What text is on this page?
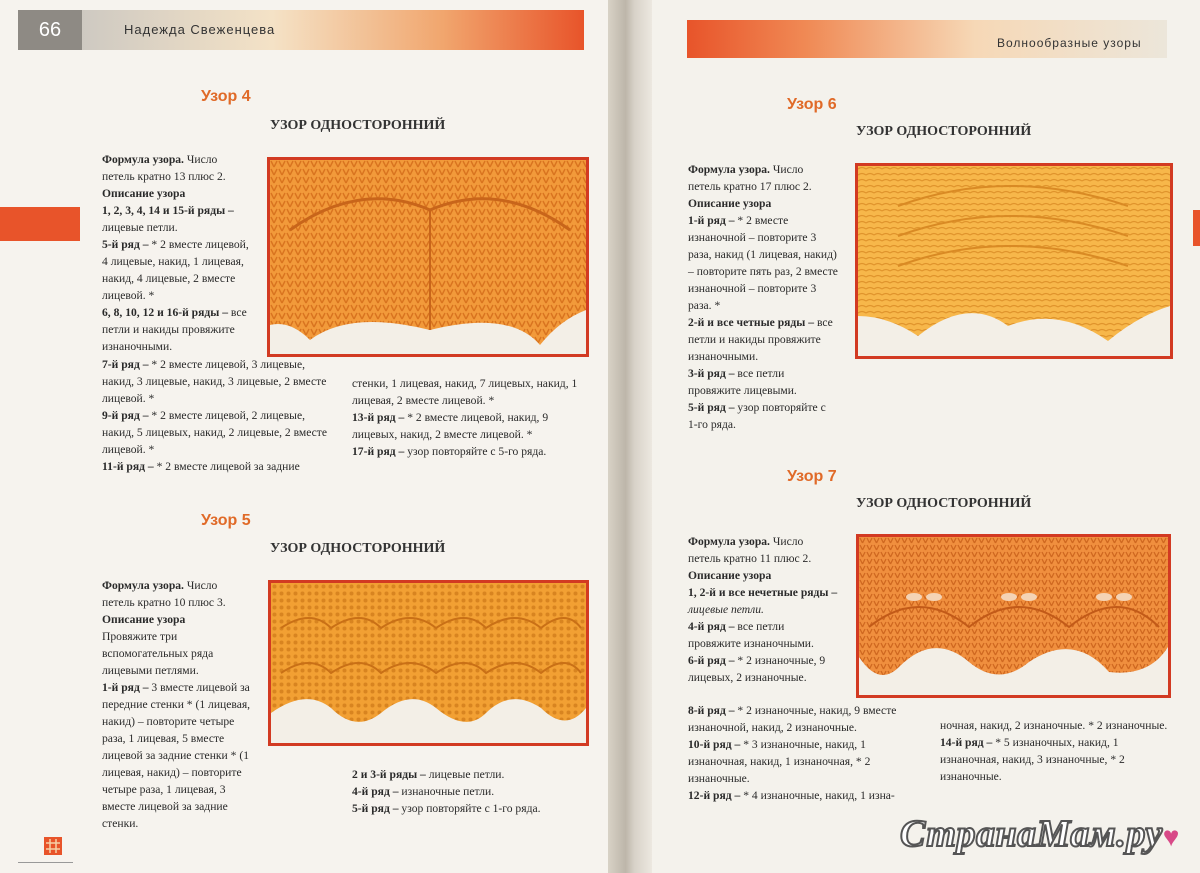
66	Надежда Свеженцева
Узор 4
УЗОР ОДНОСТОРОННИЙ

Формула узора. Число петель кратно 13 плюс 2.

Описание узора

1, 2, 3, 4, 14 и 15-й ряды – лицевые петли.

5-й ряд – * 2 вместе лицевой, 4 лицевые, накид, 1 лицевая, накид, 4 лицевые, 2 вместе лицевой. *

6, 8, 10, 12 и 16-й ряды – все петли и накиды провяжите изнаночными.

7-й ряд – * 2 вместе лицевой, 3 лицевые, накид, 3 лицевые, накид, 3 лицевые, 2 вместе лицевой. *

9-й ряд – * 2 вместе лицевой, 2 лицевые, накид, 5 лицевых, накид, 2 лицевые, 2 вместе лицевой. *

11-й ряд – * 2 вместе лицевой за задние

стенки, 1 лицевая, накид, 7 лицевых, накид, 1 лицевая, 2 вместе лицевой. *

13-й ряд – * 2 вместе лицевой, накид, 9 лицевых, накид, 2 вместе лицевой. *

17-й ряд – узор повторяйте с 5-го ряда.

Узор 5
УЗОР ОДНОСТОРОННИЙ

Формула узора. Число петель кратно 10 плюс 3.

Описание узора

Провяжите три вспомогательных ряда лицевыми петлями.

1-й ряд – 3 вместе лицевой за передние стенки * (1 лицевая, накид) – повторите четыре раза, 1 лицевая, 5 вместе лицевой за задние стенки * (1 лицевая, накид) – повторите четыре раза, 1 лицевая, 3 вместе лицевой за задние стенки.

2 и 3-й ряды – лицевые петли.

4-й ряд – изнаночные петли.

5-й ряд – узор повторяйте с 1-го ряда.

Волнообразные узоры
Узор 6
УЗОР ОДНОСТОРОННИЙ

Формула узора. Число петель кратно 17 плюс 2.

Описание узора

1-й ряд – * 2 вместе изнаночной – повторите 3 раза, накид (1 лицевая, накид) – повторите пять раз, 2 вместе изнаночной – повторите 3 раза. *

2-й и все четные ряды – все петли и накиды провяжите изнаночными.

3-й ряд – все петли провяжите лицевыми.

5-й ряд – узор повторяйте с 1-го ряда.

Узор 7
УЗОР ОДНОСТОРОННИЙ

Формула узора. Число петель кратно 11 плюс 2.

Описание узора

1, 2-й и все нечетные ряды – лицевые петли.

4-й ряд – все петли провяжите изнаночными.

6-й ряд – * 2 изнаночные, 9 лицевых, 2 изнаночные.

8-й ряд – * 2 изнаночные, накид, 9 вместе изнаночной, накид, 2 изнаночные.

10-й ряд – * 3 изнаночные, накид, 1 изнаночная, накид, 1 изнаночная, * 2 изнаночные.

12-й ряд – * 4 изнаночные, накид, 1 изна-

ночная, накид, 2 изнаночные. * 2 изнаночные.

14-й ряд – * 5 изнаночных, накид, 1 изнаночная, накид, 3 изнаночные, * 2 изнаночные.

СтранаМам.ру♥
